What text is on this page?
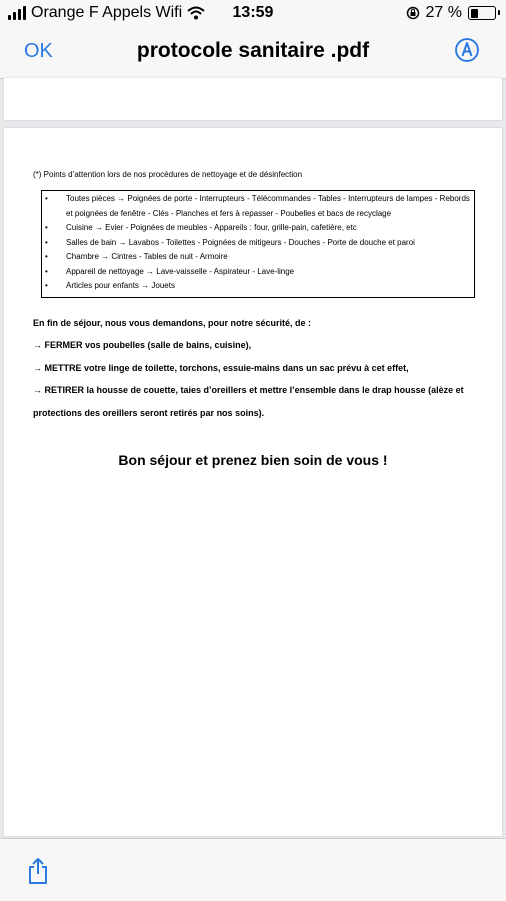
Orange F Appels Wifi	13:59	27 %
OK	protocole sanitaire .pdf
(*) Points d’attention lors de nos procédures de nettoyage et de désinfection
• Toutes pièces → Poignées de porte - Interrupteurs - Télécommandes - Tables - Interrupteurs de lampes - Rebords et poignées de fenêtre - Clés - Planches et fers à repasser - Poubelles et bacs de recyclage
• Cuisine → Evier - Poignées de meubles - Appareils : four, grille-pain, cafetière, etc
• Salles de bain → Lavabos - Toilettes - Poignées de mitigeurs - Douches - Porte de douche et paroi
• Chambre → Cintres - Tables de nuit - Armoire
• Appareil de nettoyage → Lave-vaisselle - Aspirateur - Lave-linge
• Articles pour enfants → Jouets
En fin de séjour, nous vous demandons, pour notre sécurité, de :
→ FERMER vos poubelles (salle de bains, cuisine),
→ METTRE votre linge de toilette, torchons, essuie-mains dans un sac prévu à cet effet,
→ RETIRER la housse de couette, taies d’oreillers et mettre l’ensemble dans le drap housse (alèze et
protections des oreillers seront retirés par nos soins).
Bon séjour et prenez bien soin de vous !
